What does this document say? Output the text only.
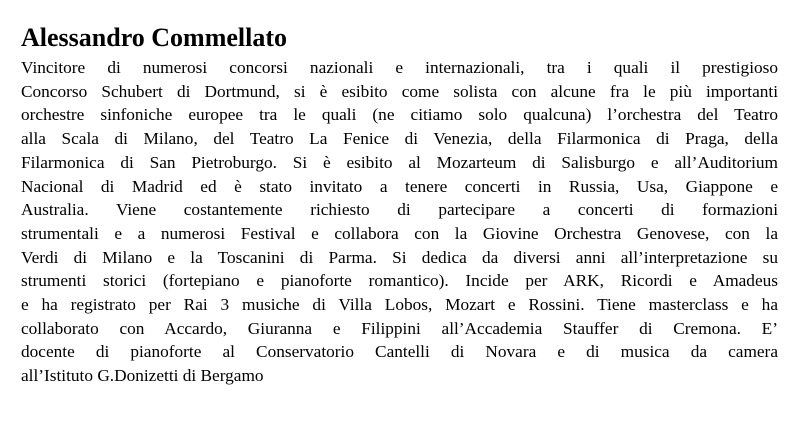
Alessandro Commellato

Vincitore di numerosi concorsi nazionali e internazionali, tra i quali il prestigioso
Concorso Schubert di Dortmund, si è esibito come solista con alcune fra le più importanti
orchestre sinfoniche europee tra le quali (ne citiamo solo qualcuna) l’orchestra del Teatro
alla Scala di Milano, del Teatro La Fenice di Venezia, della Filarmonica di Praga, della
Filarmonica di San Pietroburgo. Si è esibito al Mozarteum di Salisburgo e all’Auditorium
Nacional di Madrid ed è stato invitato a tenere concerti in Russia, Usa, Giappone e
Australia. Viene costantemente richiesto di partecipare a concerti di formazioni
strumentali e a numerosi Festival e collabora con la Giovine Orchestra Genovese, con la
Verdi di Milano e la Toscanini di Parma. Si dedica da diversi anni all’interpretazione su
strumenti storici (fortepiano e pianoforte romantico). Incide per ARK, Ricordi e Amadeus
e ha registrato per Rai 3 musiche di Villa Lobos, Mozart e Rossini. Tiene masterclass e ha
collaborato con Accardo, Giuranna e Filippini all’Accademia Stauffer di Cremona. E’
docente di pianoforte al Conservatorio Cantelli di Novara e di musica da camera
all’Istituto G.Donizetti di Bergamo
